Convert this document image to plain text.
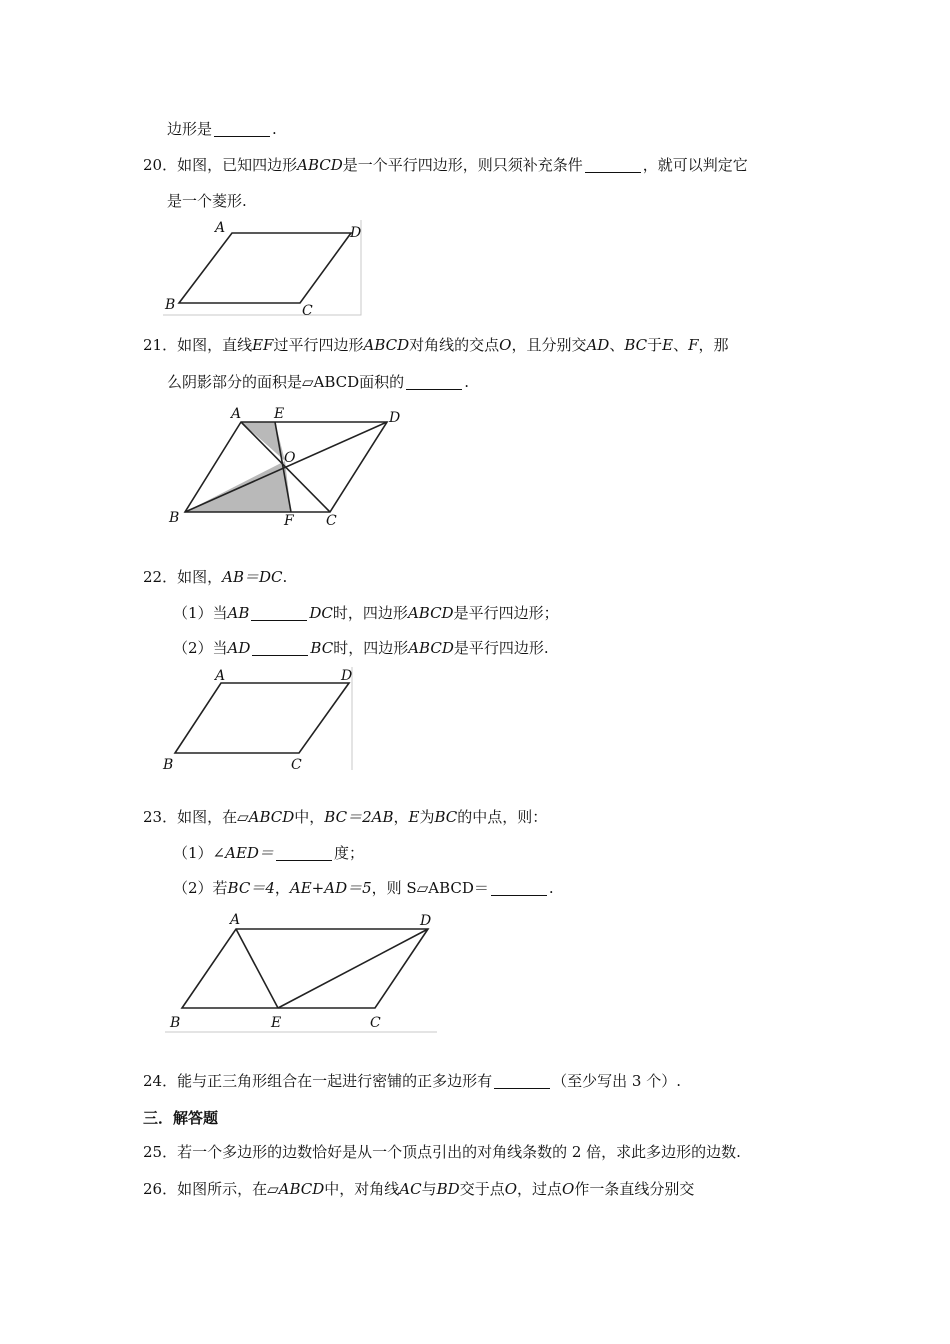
边形是	.
20．如图，已知四边形ABCD是一个平行四边形，则只须补充条件	，就可以判定它
是一个菱形.
A	D
B	C
21．如图，直线EF过平行四边形ABCD对角线的交点O，且分别交AD、BC于E、F，那
么阴影部分的面积是▱ABCD面积的	.
A E	D
O
B	F C
22．如图，AB＝DC.
（1）当AB	DC时，四边形ABCD是平行四边形；
（2）当AD	BC时，四边形ABCD是平行四边形.
A	D
B	C
23．如图，在▱ABCD中，BC＝2AB，E为BC的中点，则：
（1）∠AED＝	度；
（2）若BC＝4，AE+AD＝5，则 S▱ABCD＝	.
A	D
B	E	C
24．能与正三角形组合在一起进行密铺的正多边形有	（至少写出 3 个）.
三．解答题
25．若一个多边形的边数恰好是从一个顶点引出的对角线条数的 2 倍，求此多边形的边数.
26．如图所示，在▱ABCD中，对角线AC与BD交于点O，过点O作一条直线分别交
